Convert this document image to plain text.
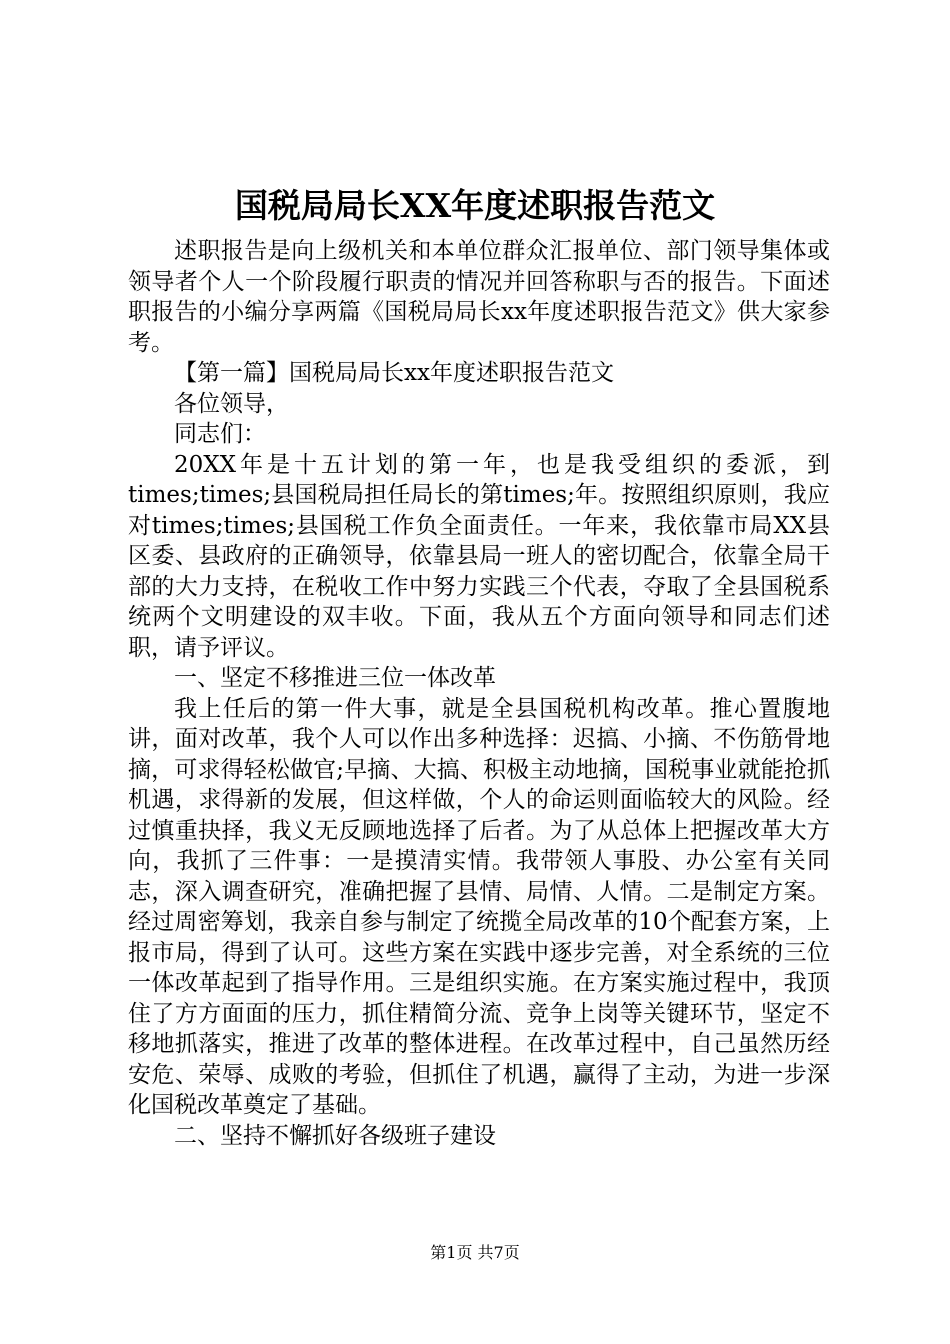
国税局局长XX年度述职报告范文

述职报告是向上级机关和本单位群众汇报单位、部门领导集体或领导者个人一个阶段履行职责的情况并回答称职与否的报告。下面述职报告的小编分享两篇《国税局局长xx年度述职报告范文》供大家参考。

【第一篇】国税局局长xx年度述职报告范文

各位领导，

同志们：

20XX年是十五计划的第一年，也是我受组织的委派，到times;times;县国税局担任局长的第times;年。按照组织原则，我应对times;times;县国税工作负全面责任。一年来，我依靠市局XX县区委、县政府的正确领导，依靠县局一班人的密切配合，依靠全局干部的大力支持，在税收工作中努力实践三个代表，夺取了全县国税系统两个文明建设的双丰收。下面，我从五个方面向领导和同志们述职，请予评议。

一、坚定不移推进三位一体改革

我上任后的第一件大事，就是全县国税机构改革。推心置腹地讲，面对改革，我个人可以作出多种选择：迟搞、小摘、不伤筋骨地摘，可求得轻松做官;早摘、大搞、积极主动地摘，国税事业就能抢抓机遇，求得新的发展，但这样做，个人的命运则面临较大的风险。经过慎重抉择，我义无反顾地选择了后者。为了从总体上把握改革大方向，我抓了三件事：一是摸清实情。我带领人事股、办公室有关同志，深入调查研究，准确把握了县情、局情、人情。二是制定方案。经过周密筹划，我亲自参与制定了统揽全局改革的10个配套方案，上报市局，得到了认可。这些方案在实践中逐步完善，对全系统的三位一体改革起到了指导作用。三是组织实施。在方案实施过程中，我顶住了方方面面的压力，抓住精简分流、竞争上岗等关键环节，坚定不移地抓落实，推进了改革的整体进程。在改革过程中，自己虽然历经安危、荣辱、成败的考验，但抓住了机遇，赢得了主动，为进一步深化国税改革奠定了基础。

二、坚持不懈抓好各级班子建设

第1页 共7页
